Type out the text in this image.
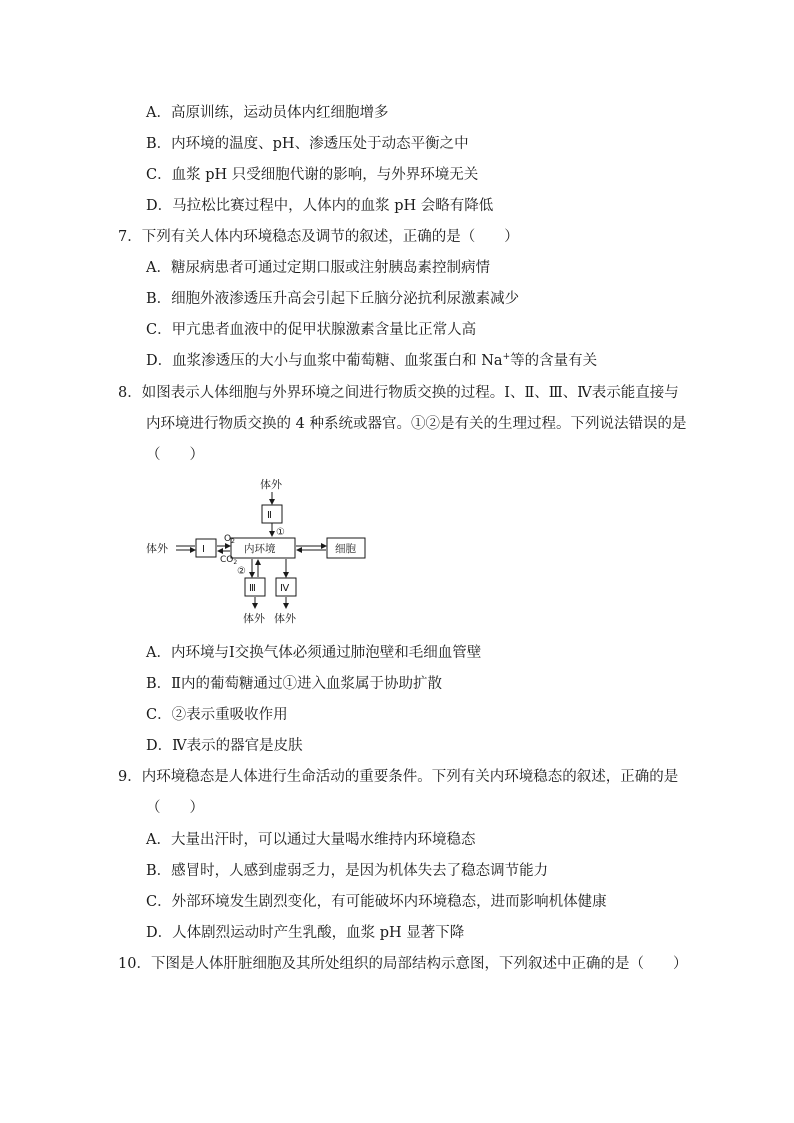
A．高原训练，运动员体内红细胞增多
B．内环境的温度、pH、渗透压处于动态平衡之中
C．血浆 pH 只受细胞代谢的影响，与外界环境无关
D．马拉松比赛过程中，人体内的血浆 pH 会略有降低
7．下列有关人体内环境稳态及调节的叙述，正确的是（　　）
A．糖尿病患者可通过定期口服或注射胰岛素控制病情
B．细胞外液渗透压升高会引起下丘脑分泌抗利尿激素减少
C．甲亢患者血液中的促甲状腺激素含量比正常人高
D．血浆渗透压的大小与血浆中葡萄糖、血浆蛋白和 Na+等的含量有关
8．如图表示人体细胞与外界环境之间进行物质交换的过程。Ⅰ、Ⅱ、Ⅲ、Ⅳ表示能直接与
内环境进行物质交换的 4 种系统或器官。①②是有关的生理过程。下列说法错误的是
（　　）
体外
Ⅱ
①
体外	Ⅰ
$O_2$
$CO_2$
内环境	细胞
②
Ⅲ Ⅳ
体外 体外
A．内环境与Ⅰ交换气体必须通过肺泡壁和毛细血管壁
B．Ⅱ内的葡萄糖通过①进入血浆属于协助扩散
C．②表示重吸收作用
D．Ⅳ表示的器官是皮肤
9．内环境稳态是人体进行生命活动的重要条件。下列有关内环境稳态的叙述，正确的是
（　　）
A．大量出汗时，可以通过大量喝水维持内环境稳态
B．感冒时，人感到虚弱乏力，是因为机体失去了稳态调节能力
C．外部环境发生剧烈变化，有可能破坏内环境稳态，进而影响机体健康
D．人体剧烈运动时产生乳酸，血浆 pH 显著下降
10．下图是人体肝脏细胞及其所处组织的局部结构示意图，下列叙述中正确的是（　　）
